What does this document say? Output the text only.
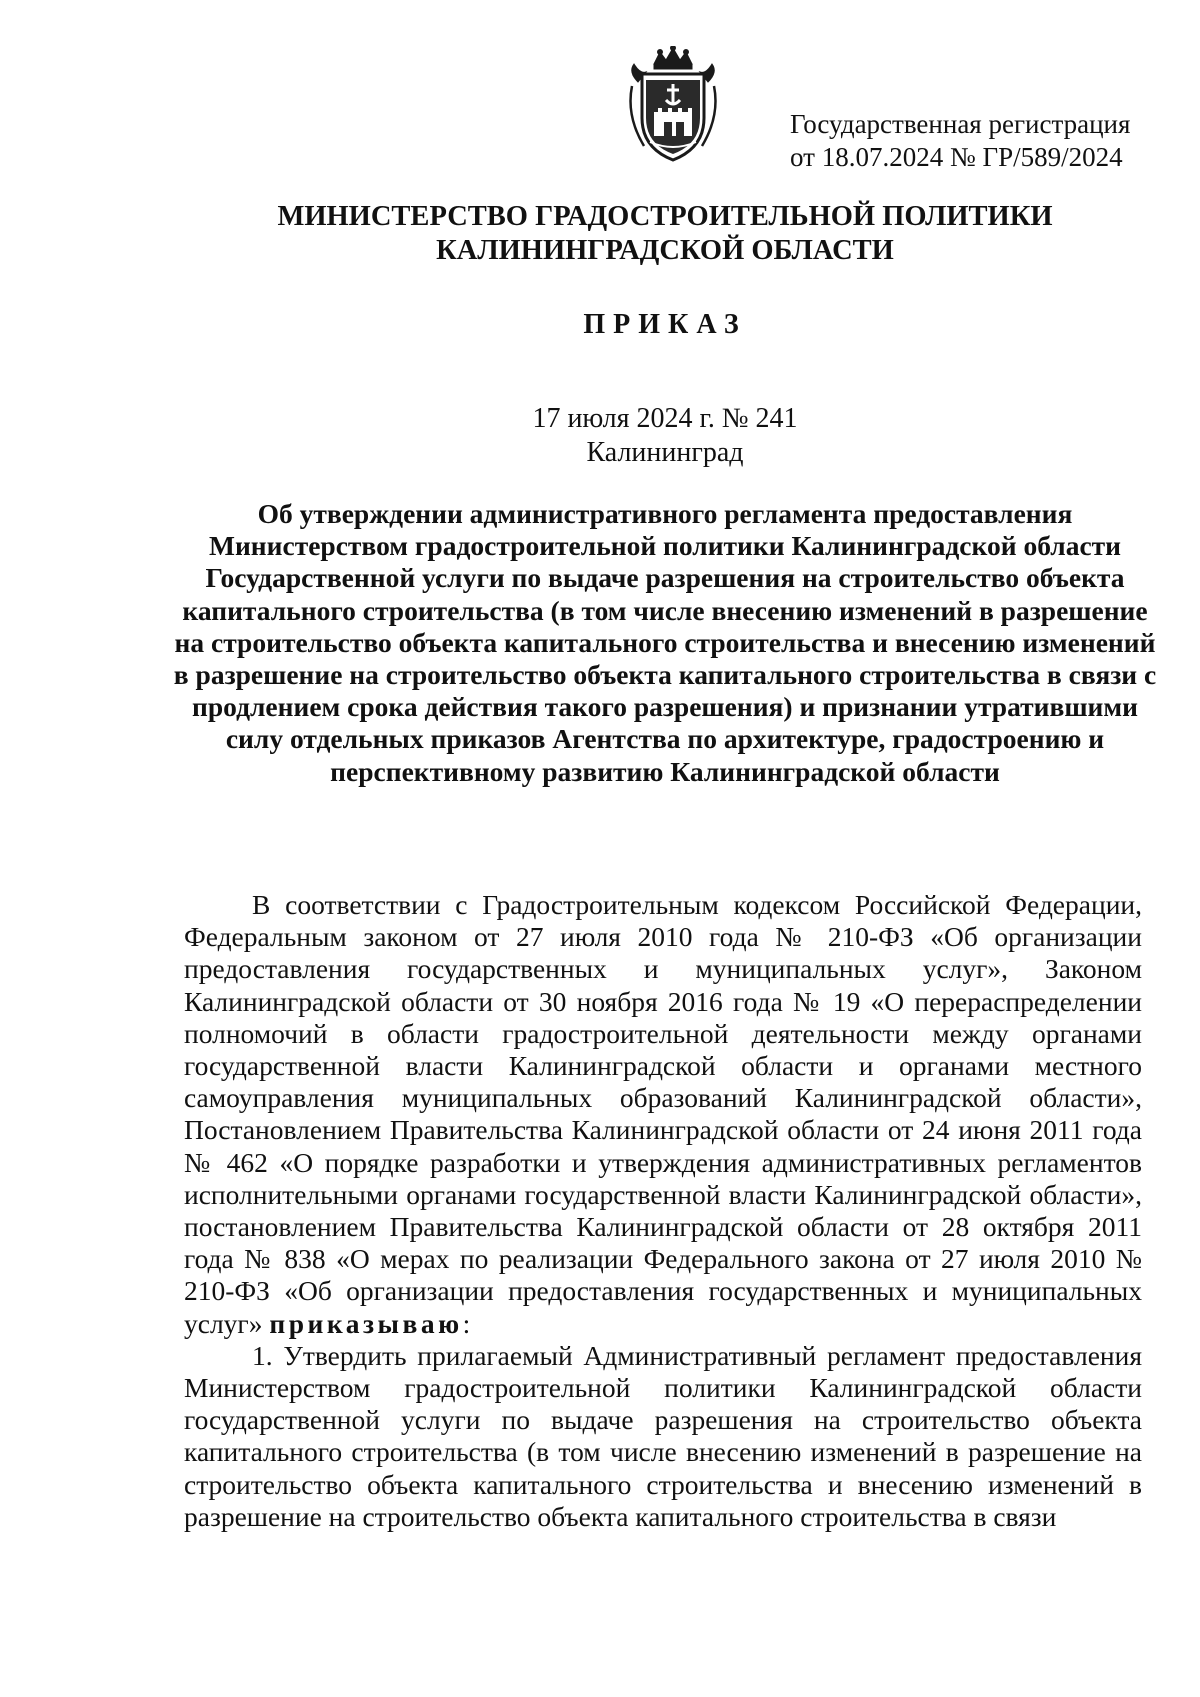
Государственная регистрация
от 18.07.2024 № ГР/589/2024
МИНИСТЕРСТВО ГРАДОСТРОИТЕЛЬНОЙ ПОЛИТИКИ
КАЛИНИНГРАДСКОЙ ОБЛАСТИ
ПРИКАЗ
17 июля 2024 г. № 241
Калининград
Об утверждении административного регламента предоставления Министерством градостроительной политики Калининградской области Государственной услуги по выдаче разрешения на строительство объекта капитального строительства (в том числе внесению изменений в разрешение на строительство объекта капитального строительства и внесению изменений в разрешение на строительство объекта капитального строительства в связи с продлением срока действия такого разрешения) и признании утратившими силу отдельных приказов Агентства по архитектуре, градостроению и перспективному развитию Калининградской области

В соответствии с Градостроительным кодексом Российской Федерации, Федеральным законом от 27 июля 2010 года № 210-ФЗ «Об организации предоставления государственных и муниципальных услуг», Законом Калининградской области от 30 ноября 2016 года № 19 «О перераспределении полномочий в области градостроительной деятельности между органами государственной власти Калининградской области и органами местного самоуправления муниципальных образований Калининградской области», Постановлением Правительства Калининградской области от 24 июня 2011 года № 462 «О порядке разработки и утверждения административных регламентов исполнительными органами государственной власти Калининградской области», постановлением Правительства Калининградской области от 28 октября 2011 года № 838 «О мерах по реализации Федерального закона от 27 июля 2010 № 210-ФЗ «Об организации предоставления государственных и муниципальных услуг» приказываю:

1. Утвердить прилагаемый Административный регламент предоставления Министерством градостроительной политики Калининградской области государственной услуги по выдаче разрешения на строительство объекта капитального строительства (в том числе внесению изменений в разрешение на строительство объекта капитального строительства и внесению изменений в разрешение на строительство объекта капитального строительства в связи
